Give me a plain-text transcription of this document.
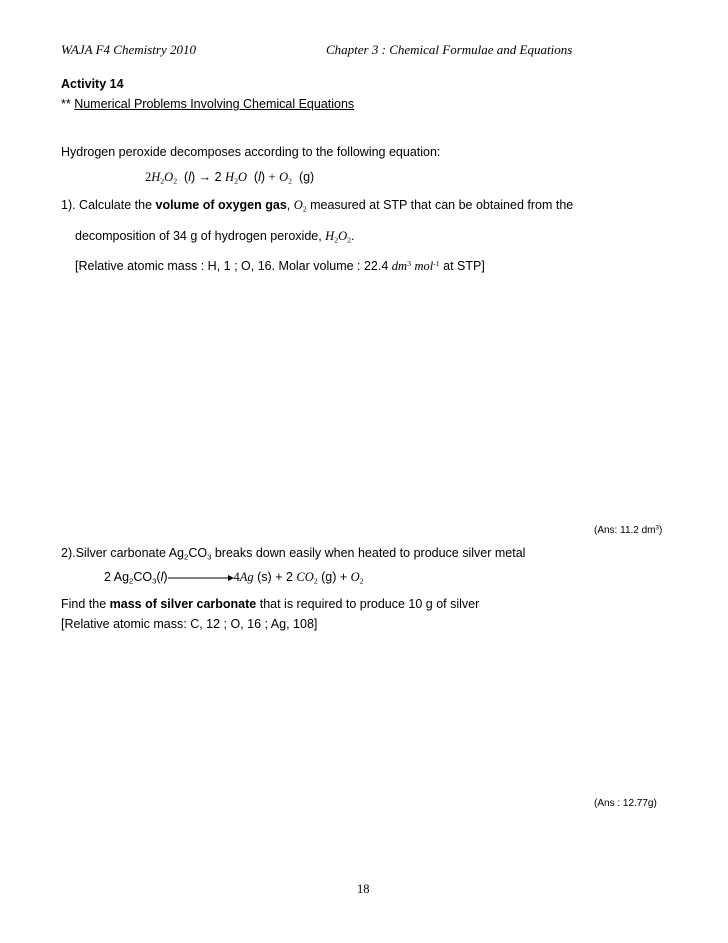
WAJA F4 Chemistry 2010	Chapter 3 : Chemical Formulae and Equations
Activity 14
** Numerical Problems Involving Chemical Equations
Hydrogen peroxide decomposes according to the following equation:
$2H_2O_2$ (l) → 2 $H_2O$ $(l) + O_2$ (g)
1). Calculate the volume of oxygen gas, $O_2$ measured at STP that can be obtained from the
decomposition of 34 g of hydrogen peroxide, $H_2O_2$.
[Relative atomic mass : H, 1 ; O, 16. Molar volume : 22.4 $dm^3$ mol$^{-1}$ at STP]
(Ans: 11.2 $dm^3$)
2).Silver carbonate $Ag_2CO_3$ breaks down easily when heated to produce silver metal
2 $Ag_2CO_3(l)$	4Ag (s) + 2 $CO_2$ $(g) + O_2$
Find the mass of silver carbonate that is required to produce 10 g of silver
[Relative atomic mass: C, 12 ; O, 16 ; Ag, 108]
(Ans : 12.77g)
18
